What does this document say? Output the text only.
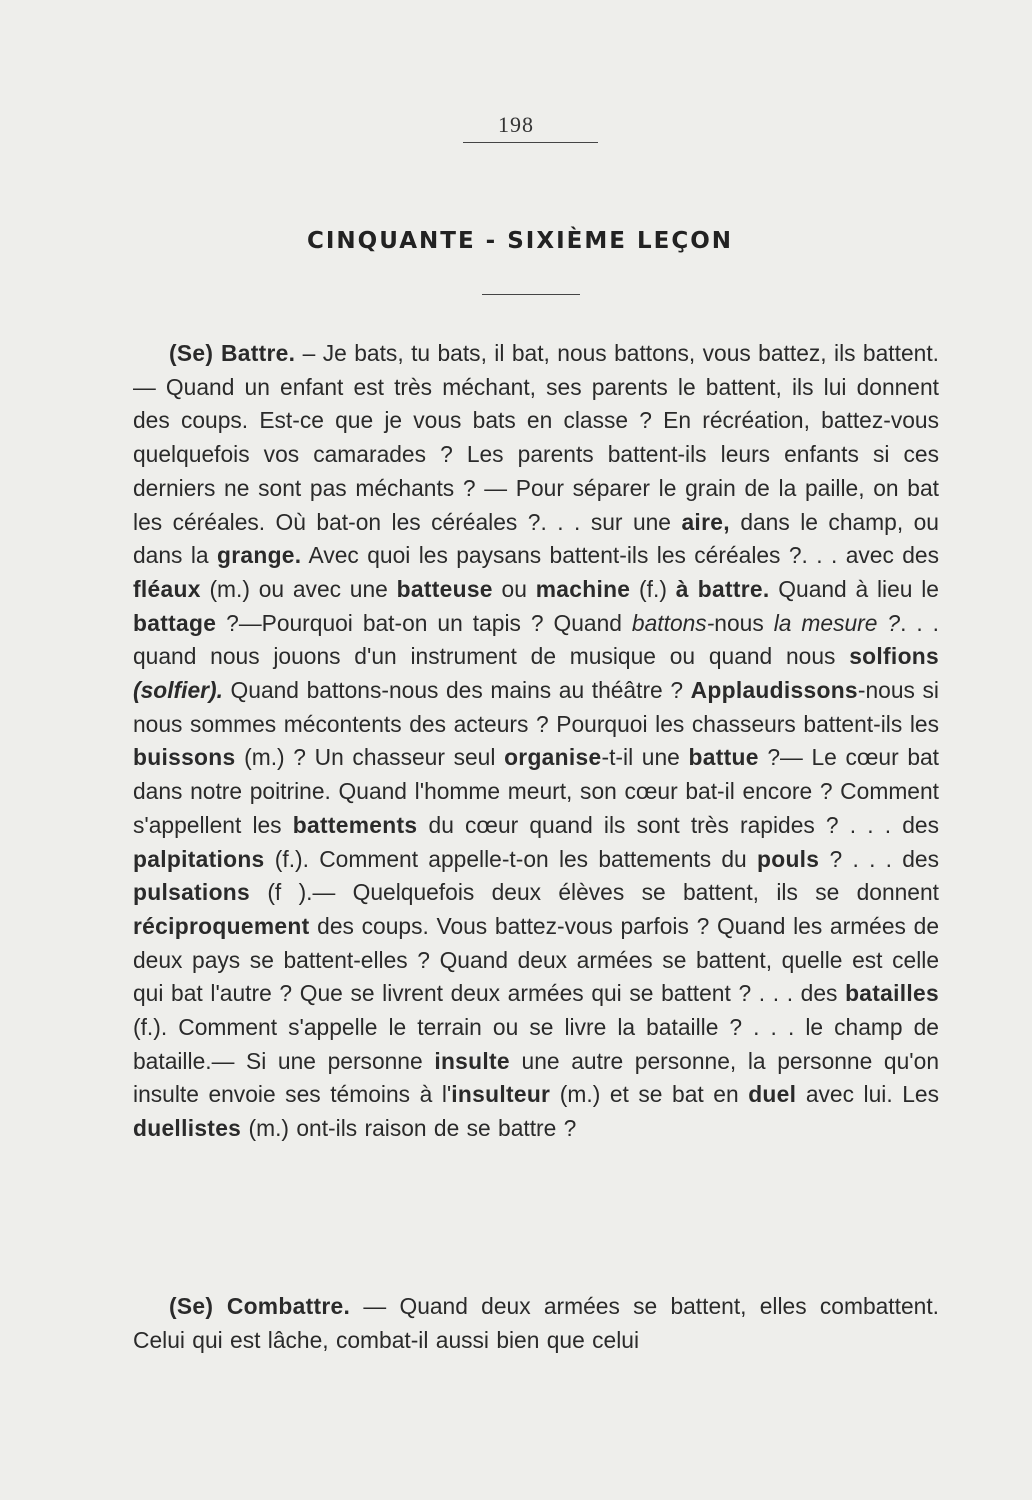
198
CINQUANTE - SIXIÈME LEÇON

(Se) Battre. – Je bats, tu bats, il bat, nous battons, vous battez, ils battent.— Quand un enfant est très méchant, ses parents le battent, ils lui donnent des coups. Est-ce que je vous bats en classe ? En récréation, battez-vous quelquefois vos camarades ? Les parents battent-ils leurs enfants si ces derniers ne sont pas méchants ? — Pour séparer le grain de la paille, on bat les céréales. Où bat-on les céréales ?. . . sur une aire, dans le champ, ou dans la grange. Avec quoi les paysans battent-ils les céréales ?. . . avec des fléaux (m.) ou avec une batteuse ou machine (f.) à battre. Quand à lieu le battage ?—Pourquoi bat-on un tapis ? Quand battons-nous la mesure ?. . . quand nous jouons d'un instrument de musique ou quand nous solfions (solfier). Quand battons-nous des mains au théâtre ? Applaudissons-nous si nous sommes mécontents des acteurs ? Pourquoi les chasseurs battent-ils les buissons (m.) ? Un chasseur seul organise-t-il une battue ?— Le cœur bat dans notre poitrine. Quand l'homme meurt, son cœur bat-il encore ? Comment s'appellent les battements du cœur quand ils sont très rapides ? . . . des palpitations (f.). Comment appelle-t-on les battements du pouls ? . . . des pulsations (f ).— Quelquefois deux élèves se battent, ils se donnent réciproquement des coups. Vous battez-vous parfois ? Quand les armées de deux pays se battent-elles ? Quand deux armées se battent, quelle est celle qui bat l'autre ? Que se livrent deux armées qui se battent ? . . . des batailles (f.). Comment s'appelle le terrain ou se livre la bataille ? . . . le champ de bataille.— Si une personne insulte une autre personne, la personne qu'on insulte envoie ses témoins à l'insulteur (m.) et se bat en duel avec lui. Les duellistes (m.) ont-ils raison de se battre ?

(Se) Combattre. — Quand deux armées se battent, elles combattent. Celui qui est lâche, combat-il aussi bien que celui
